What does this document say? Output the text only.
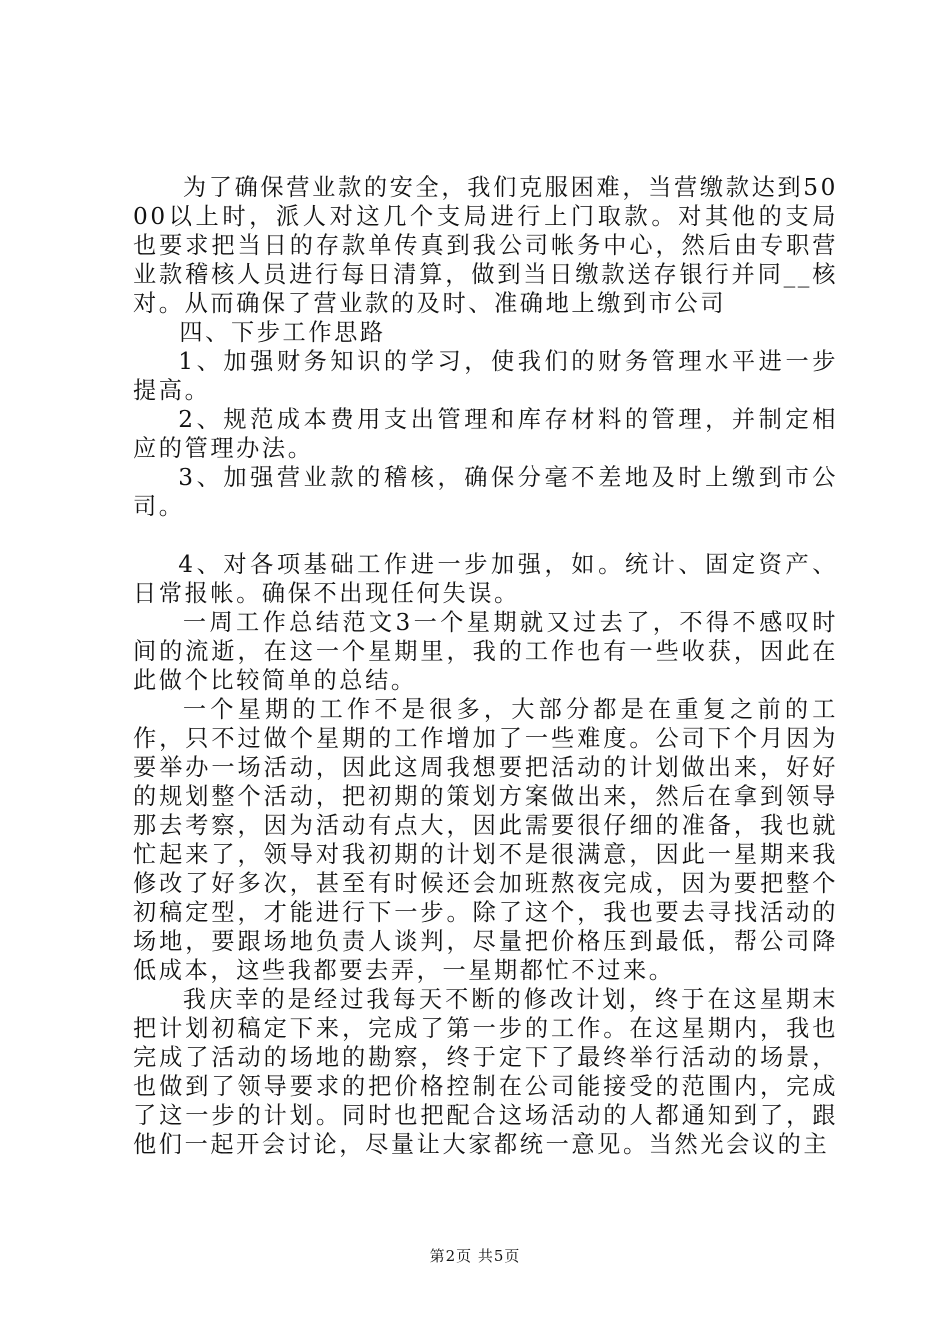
为了确保营业款的安全，我们克服困难，当营缴款达到5000以上时，派人对这几个支局进行上门取款。对其他的支局也要求把当日的存款单传真到我公司帐务中心，然后由专职营业款稽核人员进行每日清算，做到当日缴款送存银行并同__核对。从而确保了营业款的及时、准确地上缴到市公司

四、下步工作思路

1、加强财务知识的学习，使我们的财务管理水平进一步提高。

2、规范成本费用支出管理和库存材料的管理，并制定相应的管理办法。

3、加强营业款的稽核，确保分毫不差地及时上缴到市公司。

4、对各项基础工作进一步加强，如。统计、固定资产、日常报帐。确保不出现任何失误。

一周工作总结范文3一个星期就又过去了，不得不感叹时间的流逝，在这一个星期里，我的工作也有一些收获，因此在此做个比较简单的总结。

一个星期的工作不是很多，大部分都是在重复之前的工作，只不过做个星期的工作增加了一些难度。公司下个月因为要举办一场活动，因此这周我想要把活动的计划做出来，好好的规划整个活动，把初期的策划方案做出来，然后在拿到领导那去考察，因为活动有点大，因此需要很仔细的准备，我也就忙起来了，领导对我初期的计划不是很满意，因此一星期来我修改了好多次，甚至有时候还会加班熬夜完成，因为要把整个初稿定型，才能进行下一步。除了这个，我也要去寻找活动的场地，要跟场地负责人谈判，尽量把价格压到最低，帮公司降低成本，这些我都要去弄，一星期都忙不过来。

我庆幸的是经过我每天不断的修改计划，终于在这星期末把计划初稿定下来，完成了第一步的工作。在这星期内，我也完成了活动的场地的勘察，终于定下了最终举行活动的场景，也做到了领导要求的把价格控制在公司能接受的范围内，完成了这一步的计划。同时也把配合这场活动的人都通知到了，跟他们一起开会讨论，尽量让大家都统一意见。当然光会议的主

第2页 共5页
